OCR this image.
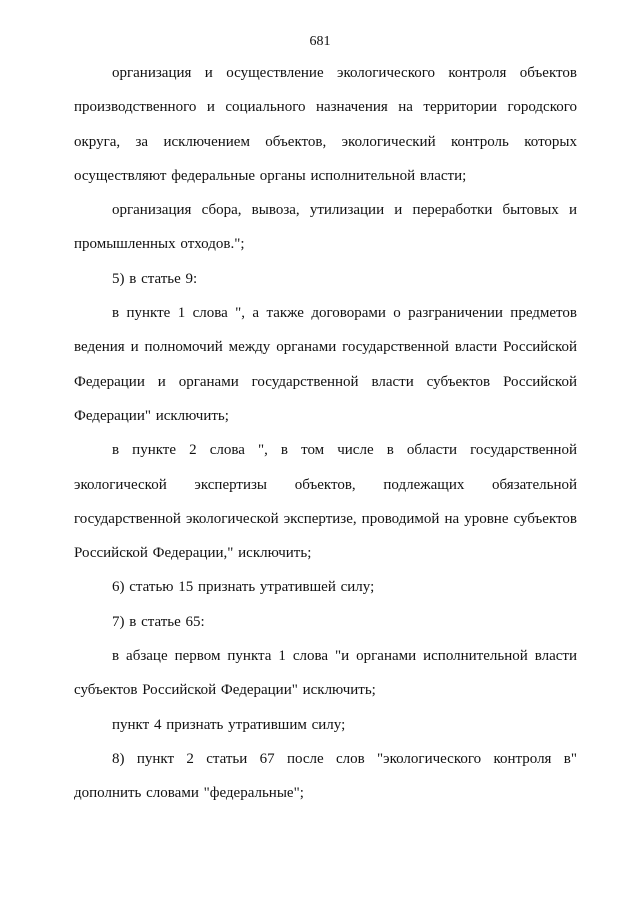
681

организация и осуществление экологического контроля объектов производственного и социального назначения на территории городского округа, за исключением объектов, экологический контроль которых осуществляют федеральные органы исполнительной власти;

организация сбора, вывоза, утилизации и переработки бытовых и промышленных отходов.";

5) в статье 9:

в пункте 1 слова ", а также договорами о разграничении предметов ведения и полномочий между органами государственной власти Российской Федерации и органами государственной власти субъектов Российской Федерации" исключить;

в пункте 2 слова ", в том числе в области государственной экологической экспертизы объектов, подлежащих обязательной государственной экологической экспертизе, проводимой на уровне субъектов Российской Федерации," исключить;

6) статью 15 признать утратившей силу;

7) в статье 65:

в абзаце первом пункта 1 слова "и органами исполнительной власти субъектов Российской Федерации" исключить;

пункт 4 признать утратившим силу;

8) пункт 2 статьи 67 после слов "экологического контроля в" дополнить словами "федеральные";
